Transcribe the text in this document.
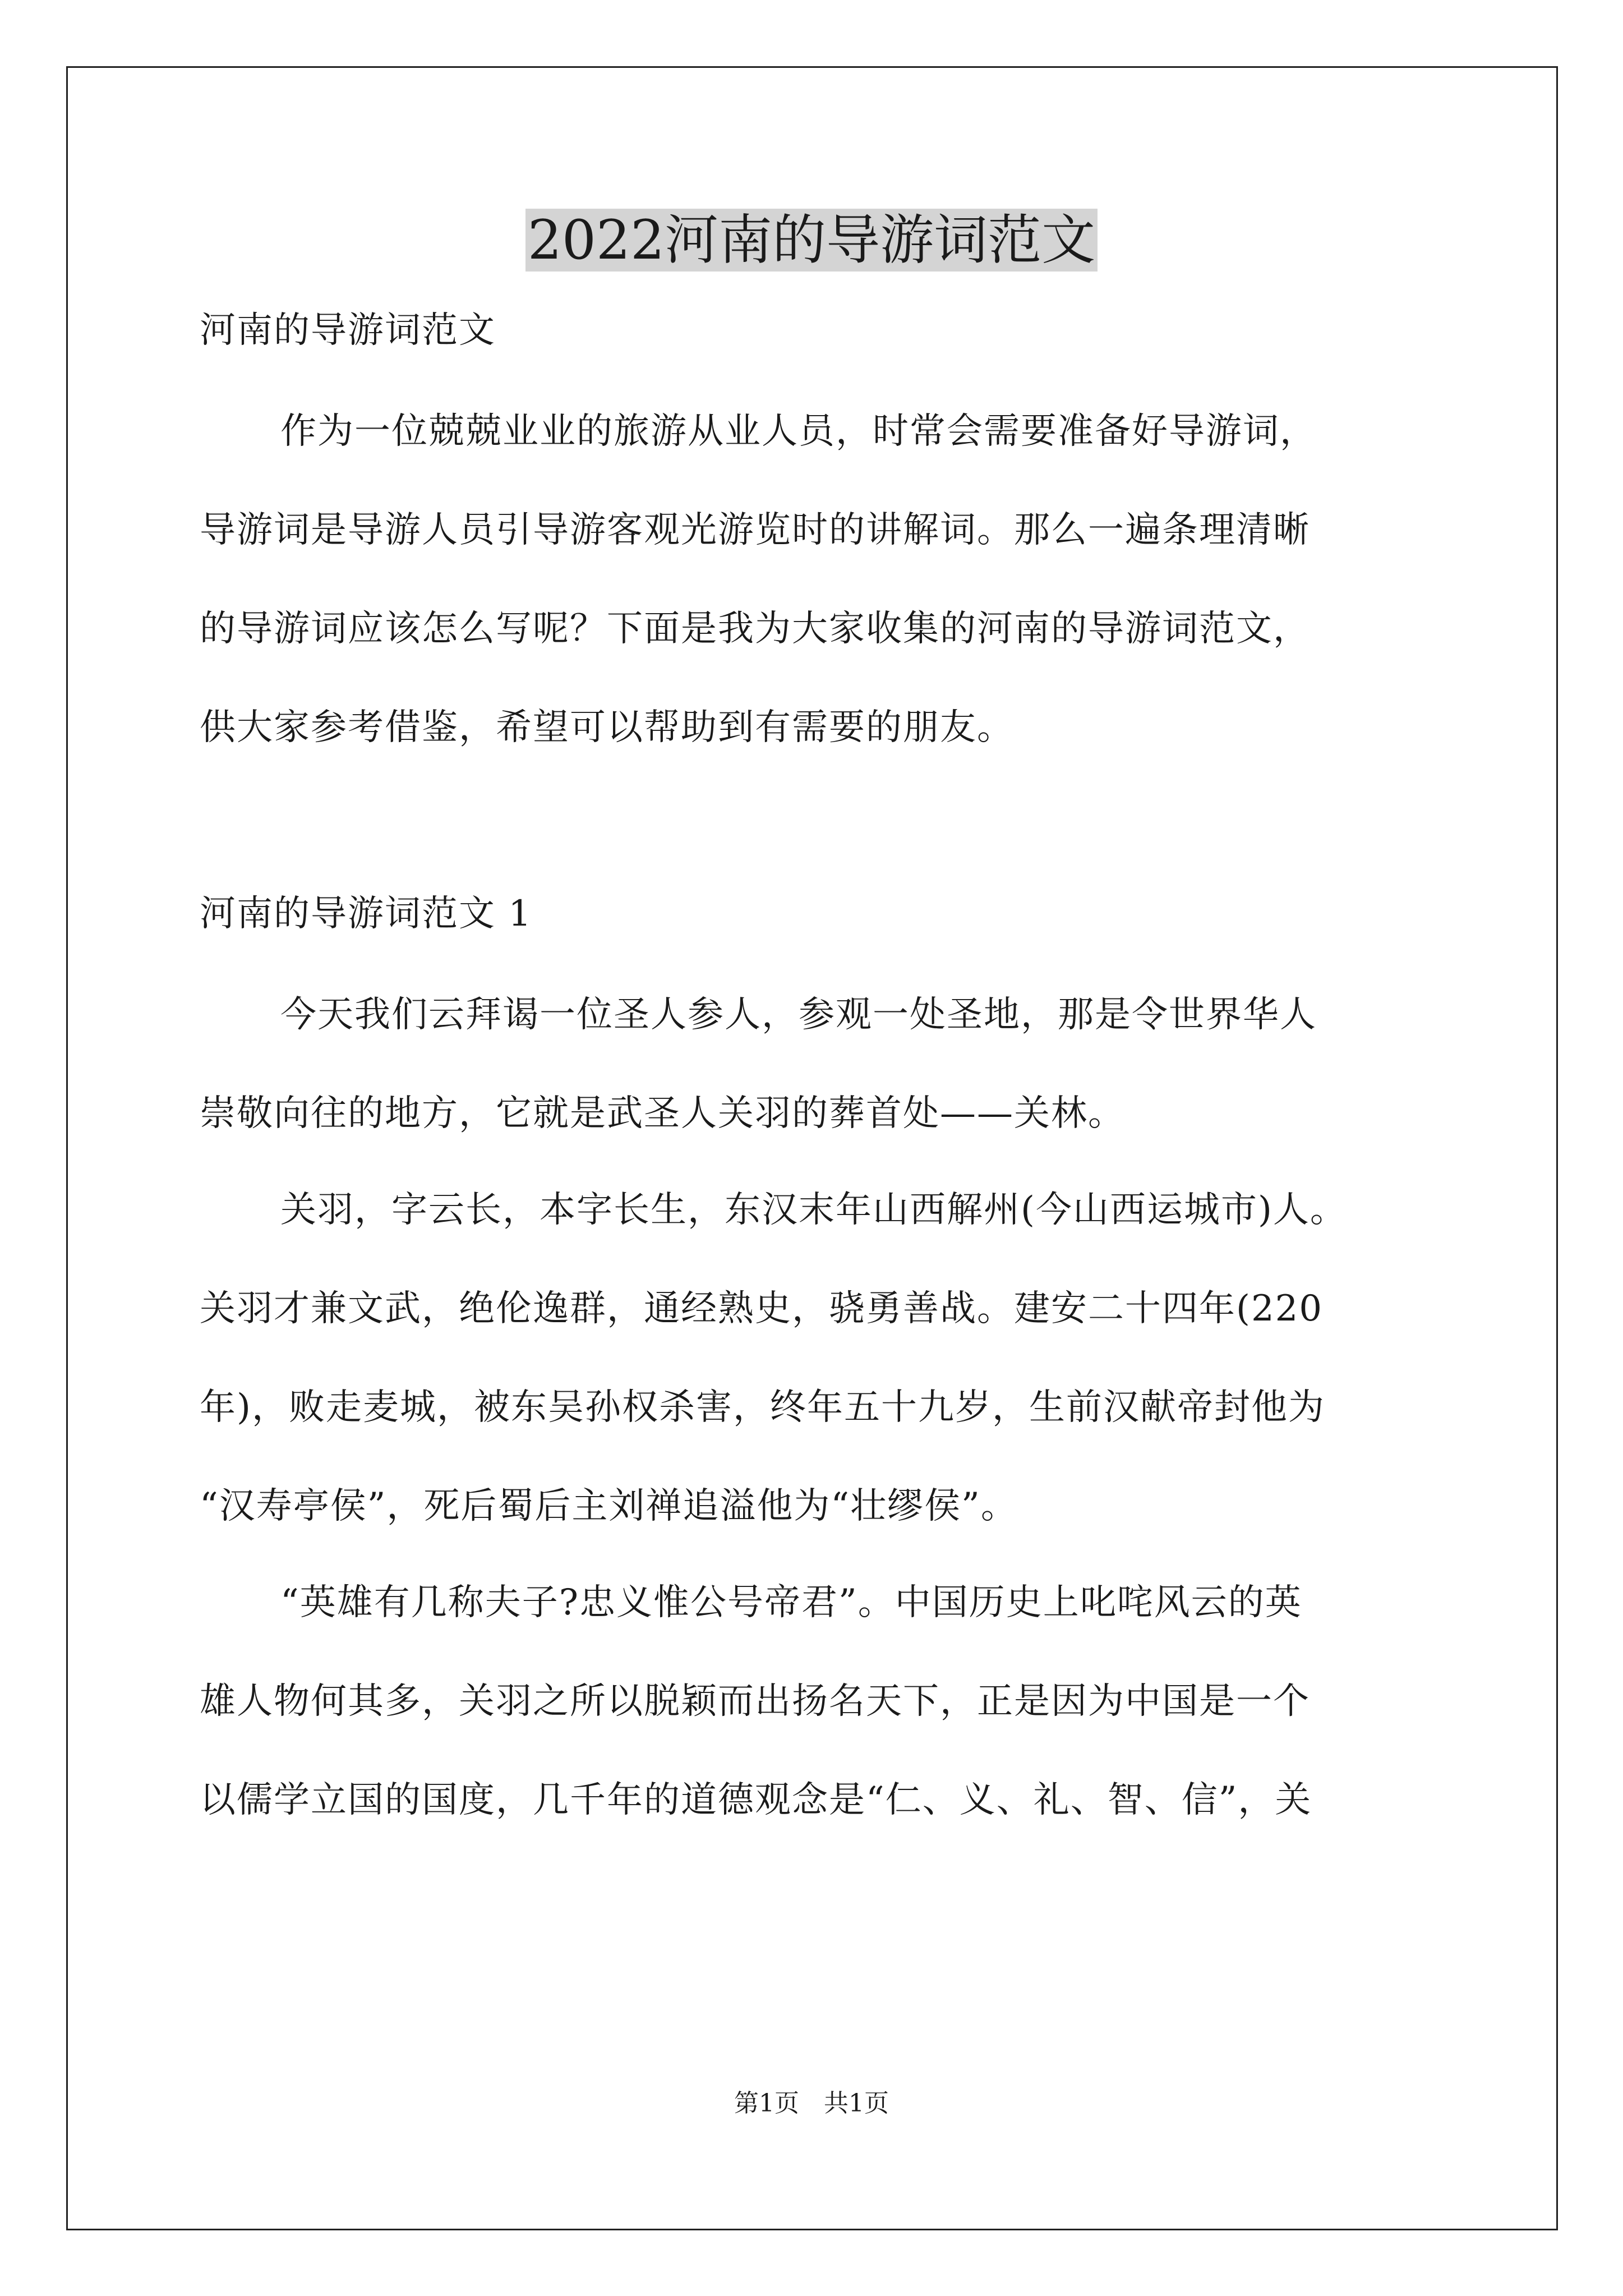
2022河南的导游词范文
河南的导游词范文
作为一位兢兢业业的旅游从业人员，时常会需要准备好导游词，
导游词是导游人员引导游客观光游览时的讲解词。那么一遍条理清晰
的导游词应该怎么写呢？下面是我为大家收集的河南的导游词范文，
供大家参考借鉴，希望可以帮助到有需要的朋友。
河南的导游词范文 1
今天我们云拜谒一位圣人参人，参观一处圣地，那是令世界华人
崇敬向往的地方，它就是武圣人关羽的葬首处——关林。
关羽，字云长，本字长生，东汉末年山西解州(今山西运城市)人。
关羽才兼文武，绝伦逸群，通经熟史，骁勇善战。建安二十四年(220
年)，败走麦城，被东吴孙权杀害，终年五十九岁，生前汉献帝封他为
“汉寿亭侯”，死后蜀后主刘禅追溢他为“壮缪侯”。
“英雄有几称夫子?忠义惟公号帝君”。中国历史上叱咤风云的英
雄人物何其多，关羽之所以脱颖而出扬名天下，正是因为中国是一个
以儒学立国的国度，几千年的道德观念是“仁、义、礼、智、信”，关
第1页　共1页
